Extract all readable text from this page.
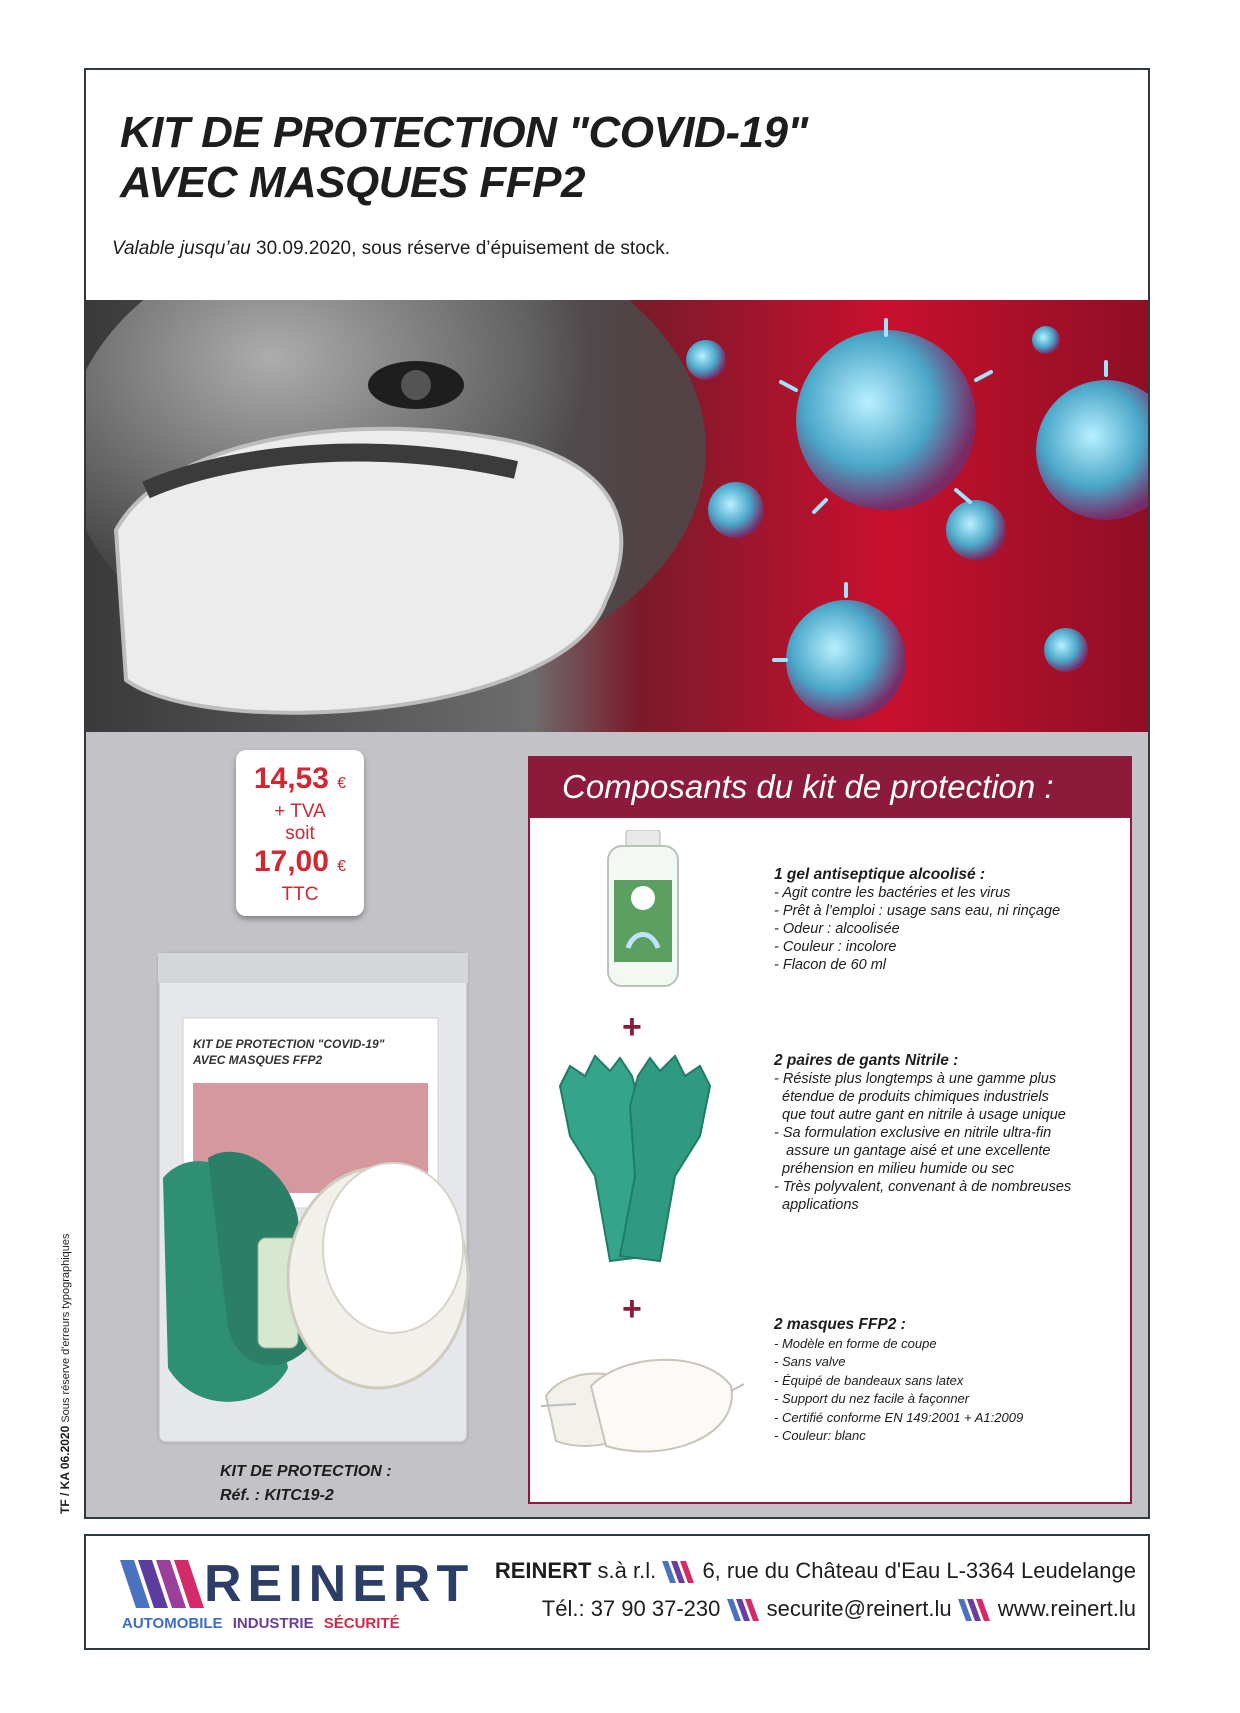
KIT DE PROTECTION "COVID-19"
AVEC MASQUES FFP2
Valable jusqu’au 30.09.2020, sous réserve d’épuisement de stock.
14,53 €
+ TVA
soit
17,00 €
TTC
KIT DE PROTECTION "COVID-19"
AVEC MASQUES FFP2
KIT DE PROTECTION :
Réf. : KITC19-2
Composants du kit de protection :
1 gel antiseptique alcoolisé :
- Agit contre les bactéries et les virus
- Prêt à l’emploi : usage sans eau, ni rinçage
- Odeur : alcoolisée
- Couleur : incolore
- Flacon de 60 ml
+
2 paires de gants Nitrile :
- Résiste plus longtemps à une gamme plus
étendue de produits chimiques industriels
que tout autre gant en nitrile à usage unique
- Sa formulation exclusive en nitrile ultra-fin
assure un gantage aisé et une excellente
préhension en milieu humide ou sec
- Très polyvalent, convenant à de nombreuses
applications
+	2 masques FFP2 :
- Modèle en forme de coupe
- Sans valve
- Équipé de bandeaux sans latex
- Support du nez facile à façonner
- Certifié conforme EN 149:2001 + A1:2009
- Couleur: blanc
TF / KA 06.2020 Sous réserve d'erreurs typographiques
REINERT
AUTOMOBILE INDUSTRIE SÉCURITÉ
REINERT s.à r.l. 6, rue du Château d'Eau L-3364 Leudelange
Tél.: 37 90 37-230 securite@reinert.lu www.reinert.lu
